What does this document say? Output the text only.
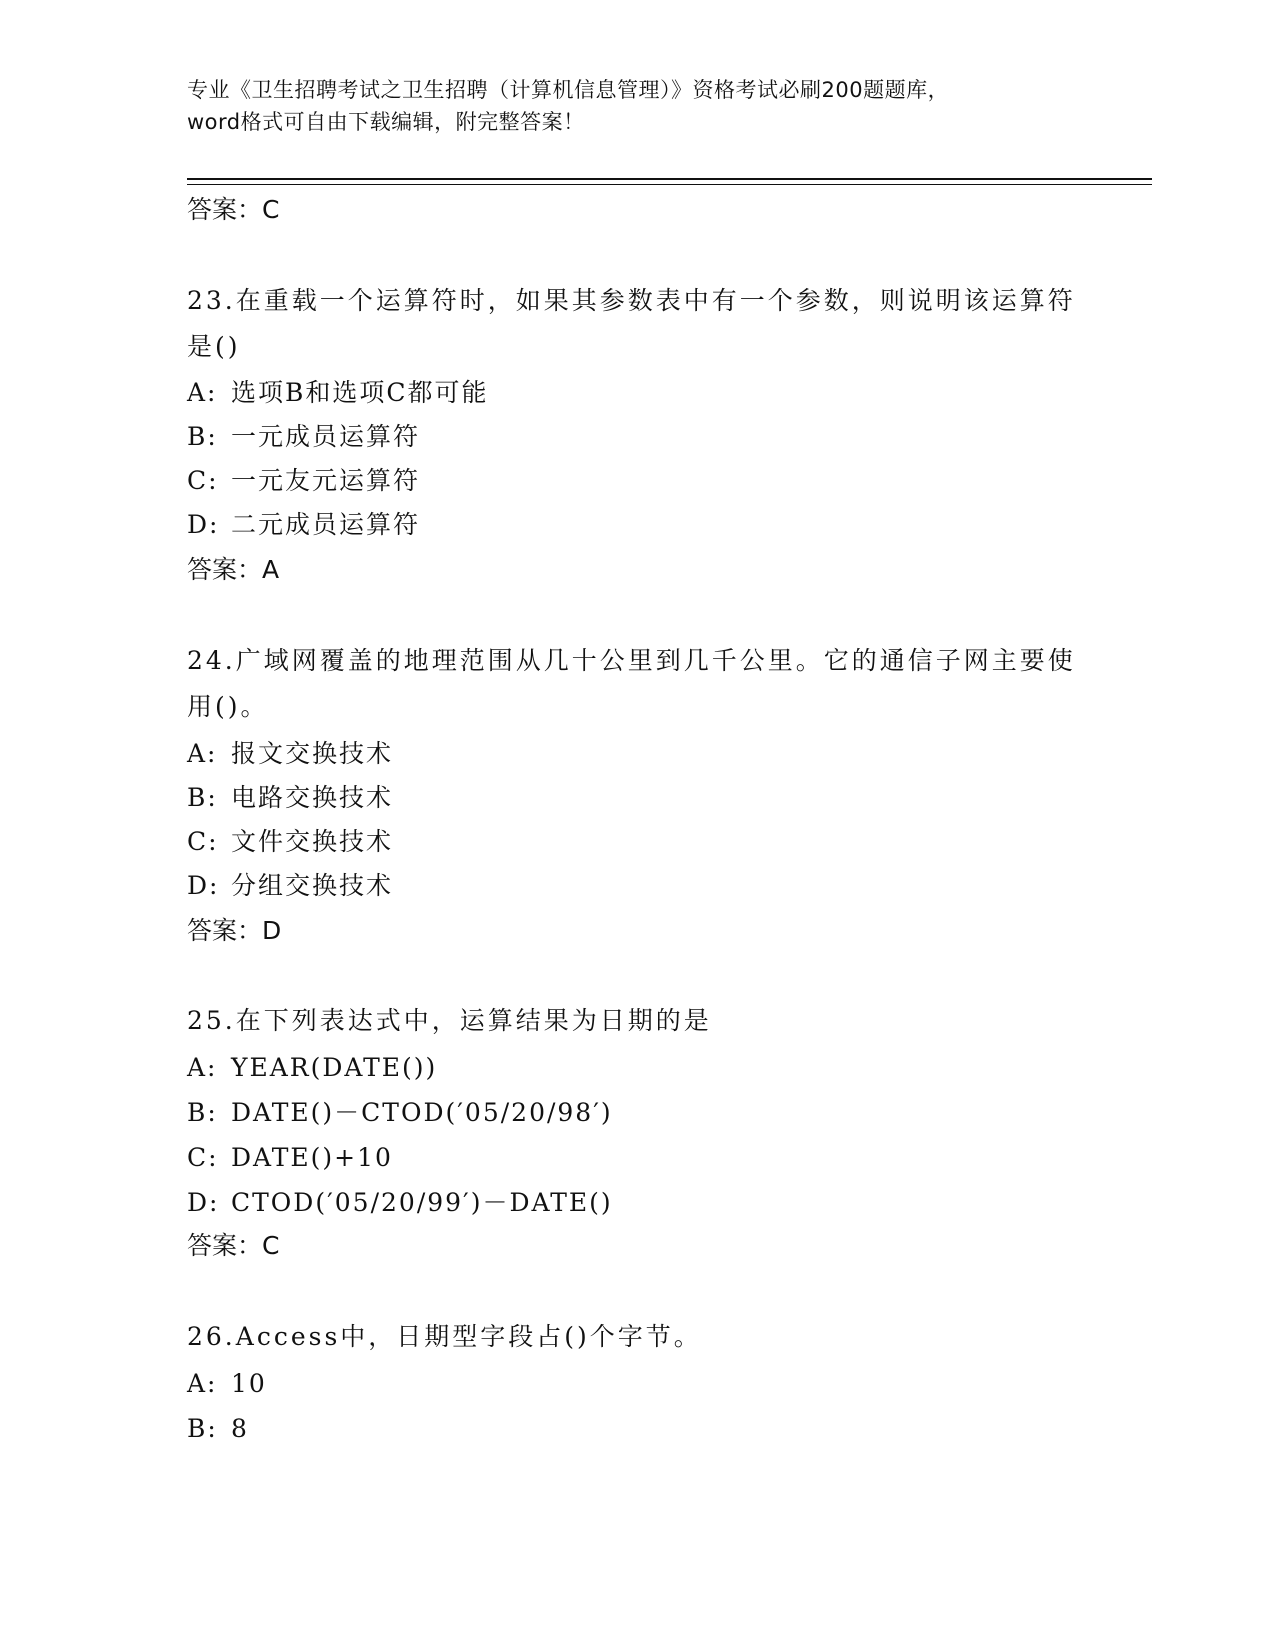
专业《卫生招聘考试之卫生招聘（计算机信息管理）》资格考试必刷200题题库，
word格式可自由下载编辑，附完整答案！
答案：C
23.在重载一个运算符时，如果其参数表中有一个参数，则说明该运算符是()
A: 选项B和选项C都可能
B: 一元成员运算符
C: 一元友元运算符
D: 二元成员运算符
答案：A
24.广域网覆盖的地理范围从几十公里到几千公里。它的通信子网主要使用()。
A: 报文交换技术
B: 电路交换技术
C: 文件交换技术
D: 分组交换技术
答案：D
25.在下列表达式中，运算结果为日期的是
A: YEAR(DATE())
B: DATE()－CTOD(′05/20/98′)
C: DATE()+10
D: CTOD(′05/20/99′)－DATE()
答案：C
26.Access中，日期型字段占()个字节。
A: 10
B: 8
